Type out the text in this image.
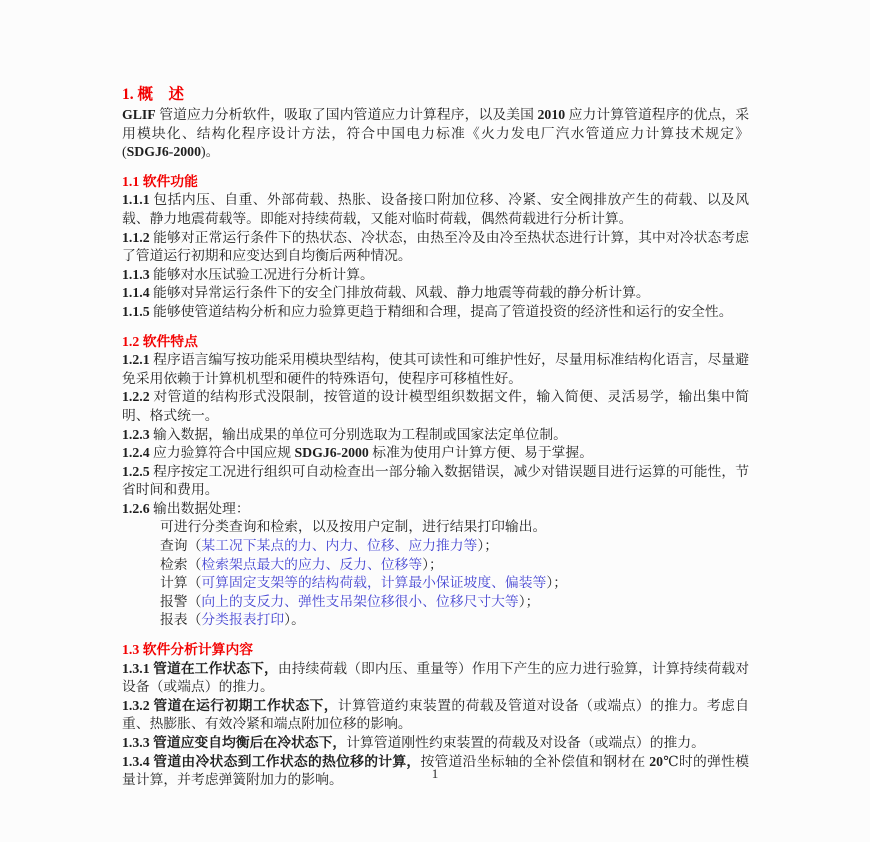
1. 概　述
GLIF 管道应力分析软件，吸取了国内管道应力计算程序，以及美国 2010 应力计算管道程序的优点，采用模块化、结构化程序设计方法，符合中国电力标准《火力发电厂汽水管道应力计算技术规定》(SDGJ6-2000)。
1.1 软件功能
1.1.1 包括内压、自重、外部荷载、热胀、设备接口附加位移、冷紧、安全阀排放产生的荷载、以及风载、静力地震荷载等。即能对持续荷载，又能对临时荷载，偶然荷载进行分析计算。
1.1.2 能够对正常运行条件下的热状态、冷状态，由热至冷及由冷至热状态进行计算，其中对冷状态考虑了管道运行初期和应变达到自均衡后两种情况。
1.1.3 能够对水压试验工况进行分析计算。
1.1.4 能够对异常运行条件下的安全门排放荷载、风载、静力地震等荷载的静分析计算。
1.1.5 能够使管道结构分析和应力验算更趋于精细和合理，提高了管道投资的经济性和运行的安全性。
1.2 软件特点
1.2.1 程序语言编写按功能采用模块型结构，使其可读性和可维护性好，尽量用标准结构化语言，尽量避免采用依赖于计算机机型和硬件的特殊语句，使程序可移植性好。
1.2.2 对管道的结构形式没限制，按管道的设计模型组织数据文件，输入简便、灵活易学，输出集中简明、格式统一。
1.2.3 输入数据，输出成果的单位可分别选取为工程制或国家法定单位制。
1.2.4 应力验算符合中国应规 SDGJ6-2000 标准为使用户计算方便、易于掌握。
1.2.5 程序按定工况进行组织可自动检查出一部分输入数据错误，减少对错误题目进行运算的可能性，节省时间和费用。
1.2.6 输出数据处理：
可进行分类查询和检索，以及按用户定制，进行结果打印输出。
查询（某工况下某点的力、内力、位移、应力推力等）；
检索（检索架点最大的应力、反力、位移等）；
计算（可算固定支架等的结构荷载，计算最小保证坡度、偏装等）；
报警（向上的支反力、弹性支吊架位移很小、位移尺寸大等）；
报表（分类报表打印）。
1.3 软件分析计算内容
1.3.1 管道在工作状态下，由持续荷载（即内压、重量等）作用下产生的应力进行验算，计算持续荷载对设备（或端点）的推力。
1.3.2 管道在运行初期工作状态下，计算管道约束装置的荷载及管道对设备（或端点）的推力。考虑自重、热膨胀、有效冷紧和端点附加位移的影响。
1.3.3 管道应变自均衡后在冷状态下，计算管道刚性约束装置的荷载及对设备（或端点）的推力。
1.3.4 管道由冷状态到工作状态的热位移的计算，按管道沿坐标轴的全补偿值和钢材在 20℃时的弹性模量计算，并考虑弹簧附加力的影响。	1
